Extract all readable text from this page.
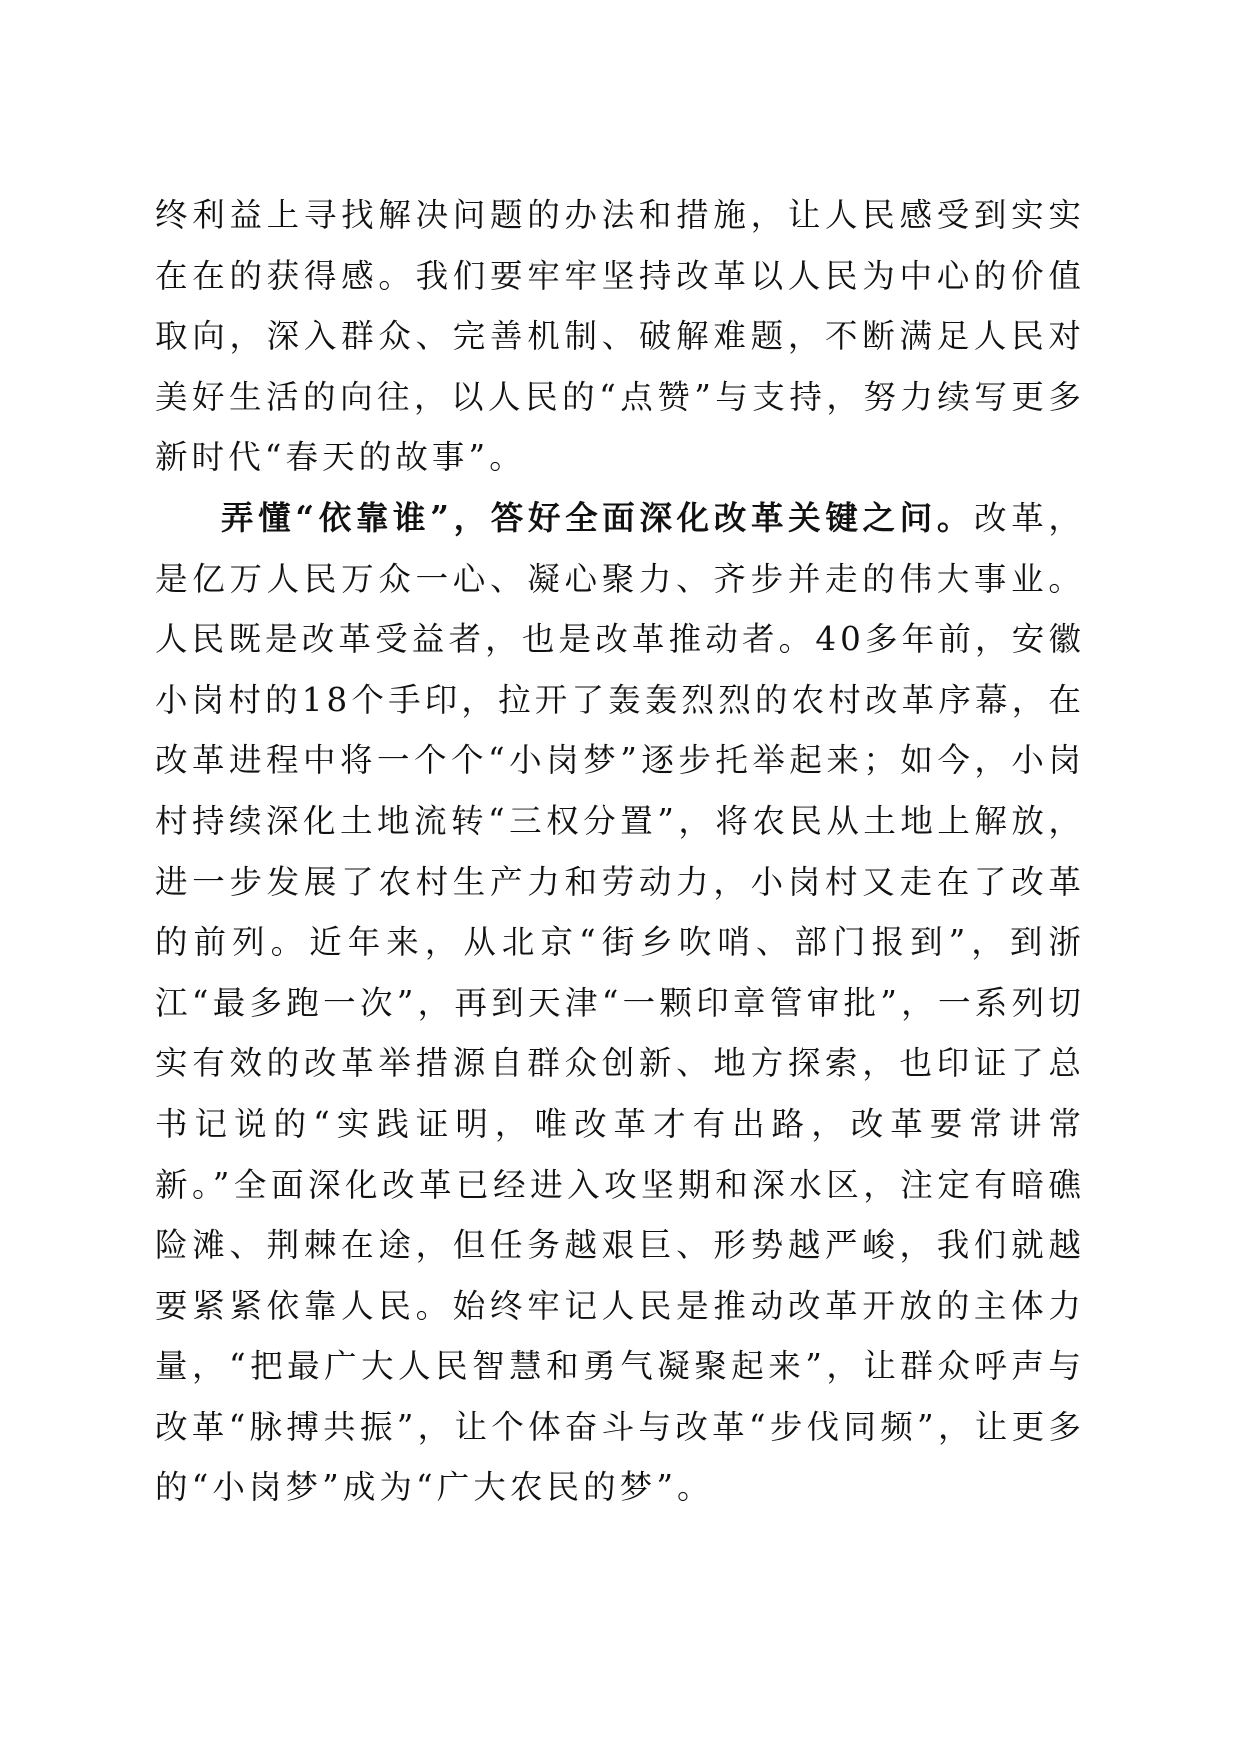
终利益上寻找解决问题的办法和措施，让人民感受到实实在在的获得感。我们要牢牢坚持改革以人民为中心的价值取向，深入群众、完善机制、破解难题，不断满足人民对美好生活的向往，以人民的“点赞”与支持，努力续写更多新时代“春天的故事”。

弄懂“依靠谁”，答好全面深化改革关键之问。改革，是亿万人民万众一心、凝心聚力、齐步并走的伟大事业。人民既是改革受益者，也是改革推动者。40多年前，安徽小岗村的18个手印，拉开了轰轰烈烈的农村改革序幕，在改革进程中将一个个“小岗梦”逐步托举起来；如今，小岗村持续深化土地流转“三权分置”，将农民从土地上解放，进一步发展了农村生产力和劳动力，小岗村又走在了改革的前列。近年来，从北京“街乡吹哨、部门报到”，到浙江“最多跑一次”，再到天津“一颗印章管审批”，一系列切实有效的改革举措源自群众创新、地方探索，也印证了总书记说的“实践证明，唯改革才有出路，改革要常讲常新。”全面深化改革已经进入攻坚期和深水区，注定有暗礁险滩、荆棘在途，但任务越艰巨、形势越严峻，我们就越要紧紧依靠人民。始终牢记人民是推动改革开放的主体力量，“把最广大人民智慧和勇气凝聚起来”，让群众呼声与改革“脉搏共振”，让个体奋斗与改革“步伐同频”，让更多的“小岗梦”成为“广大农民的梦”。
